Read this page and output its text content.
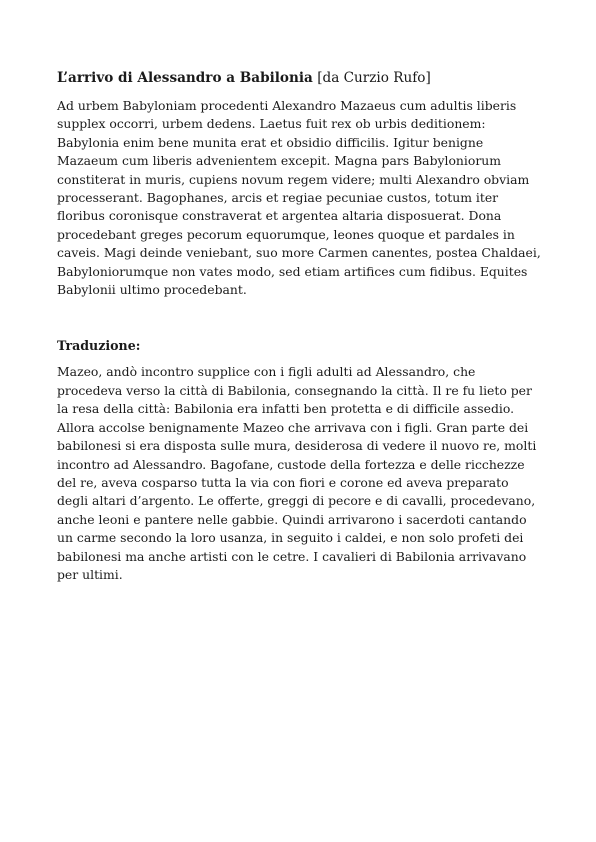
L’arrivo di Alessandro a Babilonia [da Curzio Rufo]

Ad urbem Babyloniam procedenti Alexandro Mazaeus cum adultis liberis supplex occorri, urbem dedens. Laetus fuit rex ob urbis deditionem: Babylonia enim bene munita erat et obsidio difficilis. Igitur benigne Mazaeum cum liberis advenientem excepit. Magna pars Babyloniorum constiterat in muris, cupiens novum regem videre; multi Alexandro obviam processerant. Bagophanes, arcis et regiae pecuniae custos, totum iter floribus coronisque constraverat et argentea altaria disposuerat. Dona procedebant greges pecorum equorumque, leones quoque et pardales in caveis. Magi deinde veniebant, suo more Carmen canentes, postea Chaldaei, Babyloniorumque non vates modo, sed etiam artifices cum fidibus. Equites Babylonii ultimo procedebant.

Traduzione:

Mazeo, andò incontro supplice con i figli adulti ad Alessandro, che procedeva verso la città di Babilonia, consegnando la città. Il re fu lieto per la resa della città: Babilonia era infatti ben protetta e di difficile assedio. Allora accolse benignamente Mazeo che arrivava con i figli. Gran parte dei babilonesi si era disposta sulle mura, desiderosa di vedere il nuovo re, molti incontro ad Alessandro. Bagofane, custode della fortezza e delle ricchezze del re, aveva cosparso tutta la via con fiori e corone ed aveva preparato degli altari d’argento. Le offerte, greggi di pecore e di cavalli, procedevano, anche leoni e pantere nelle gabbie. Quindi arrivarono i sacerdoti cantando un carme secondo la loro usanza, in seguito i caldei, e non solo profeti dei babilonesi ma anche artisti con le cetre. I cavalieri di Babilonia arrivavano per ultimi.
